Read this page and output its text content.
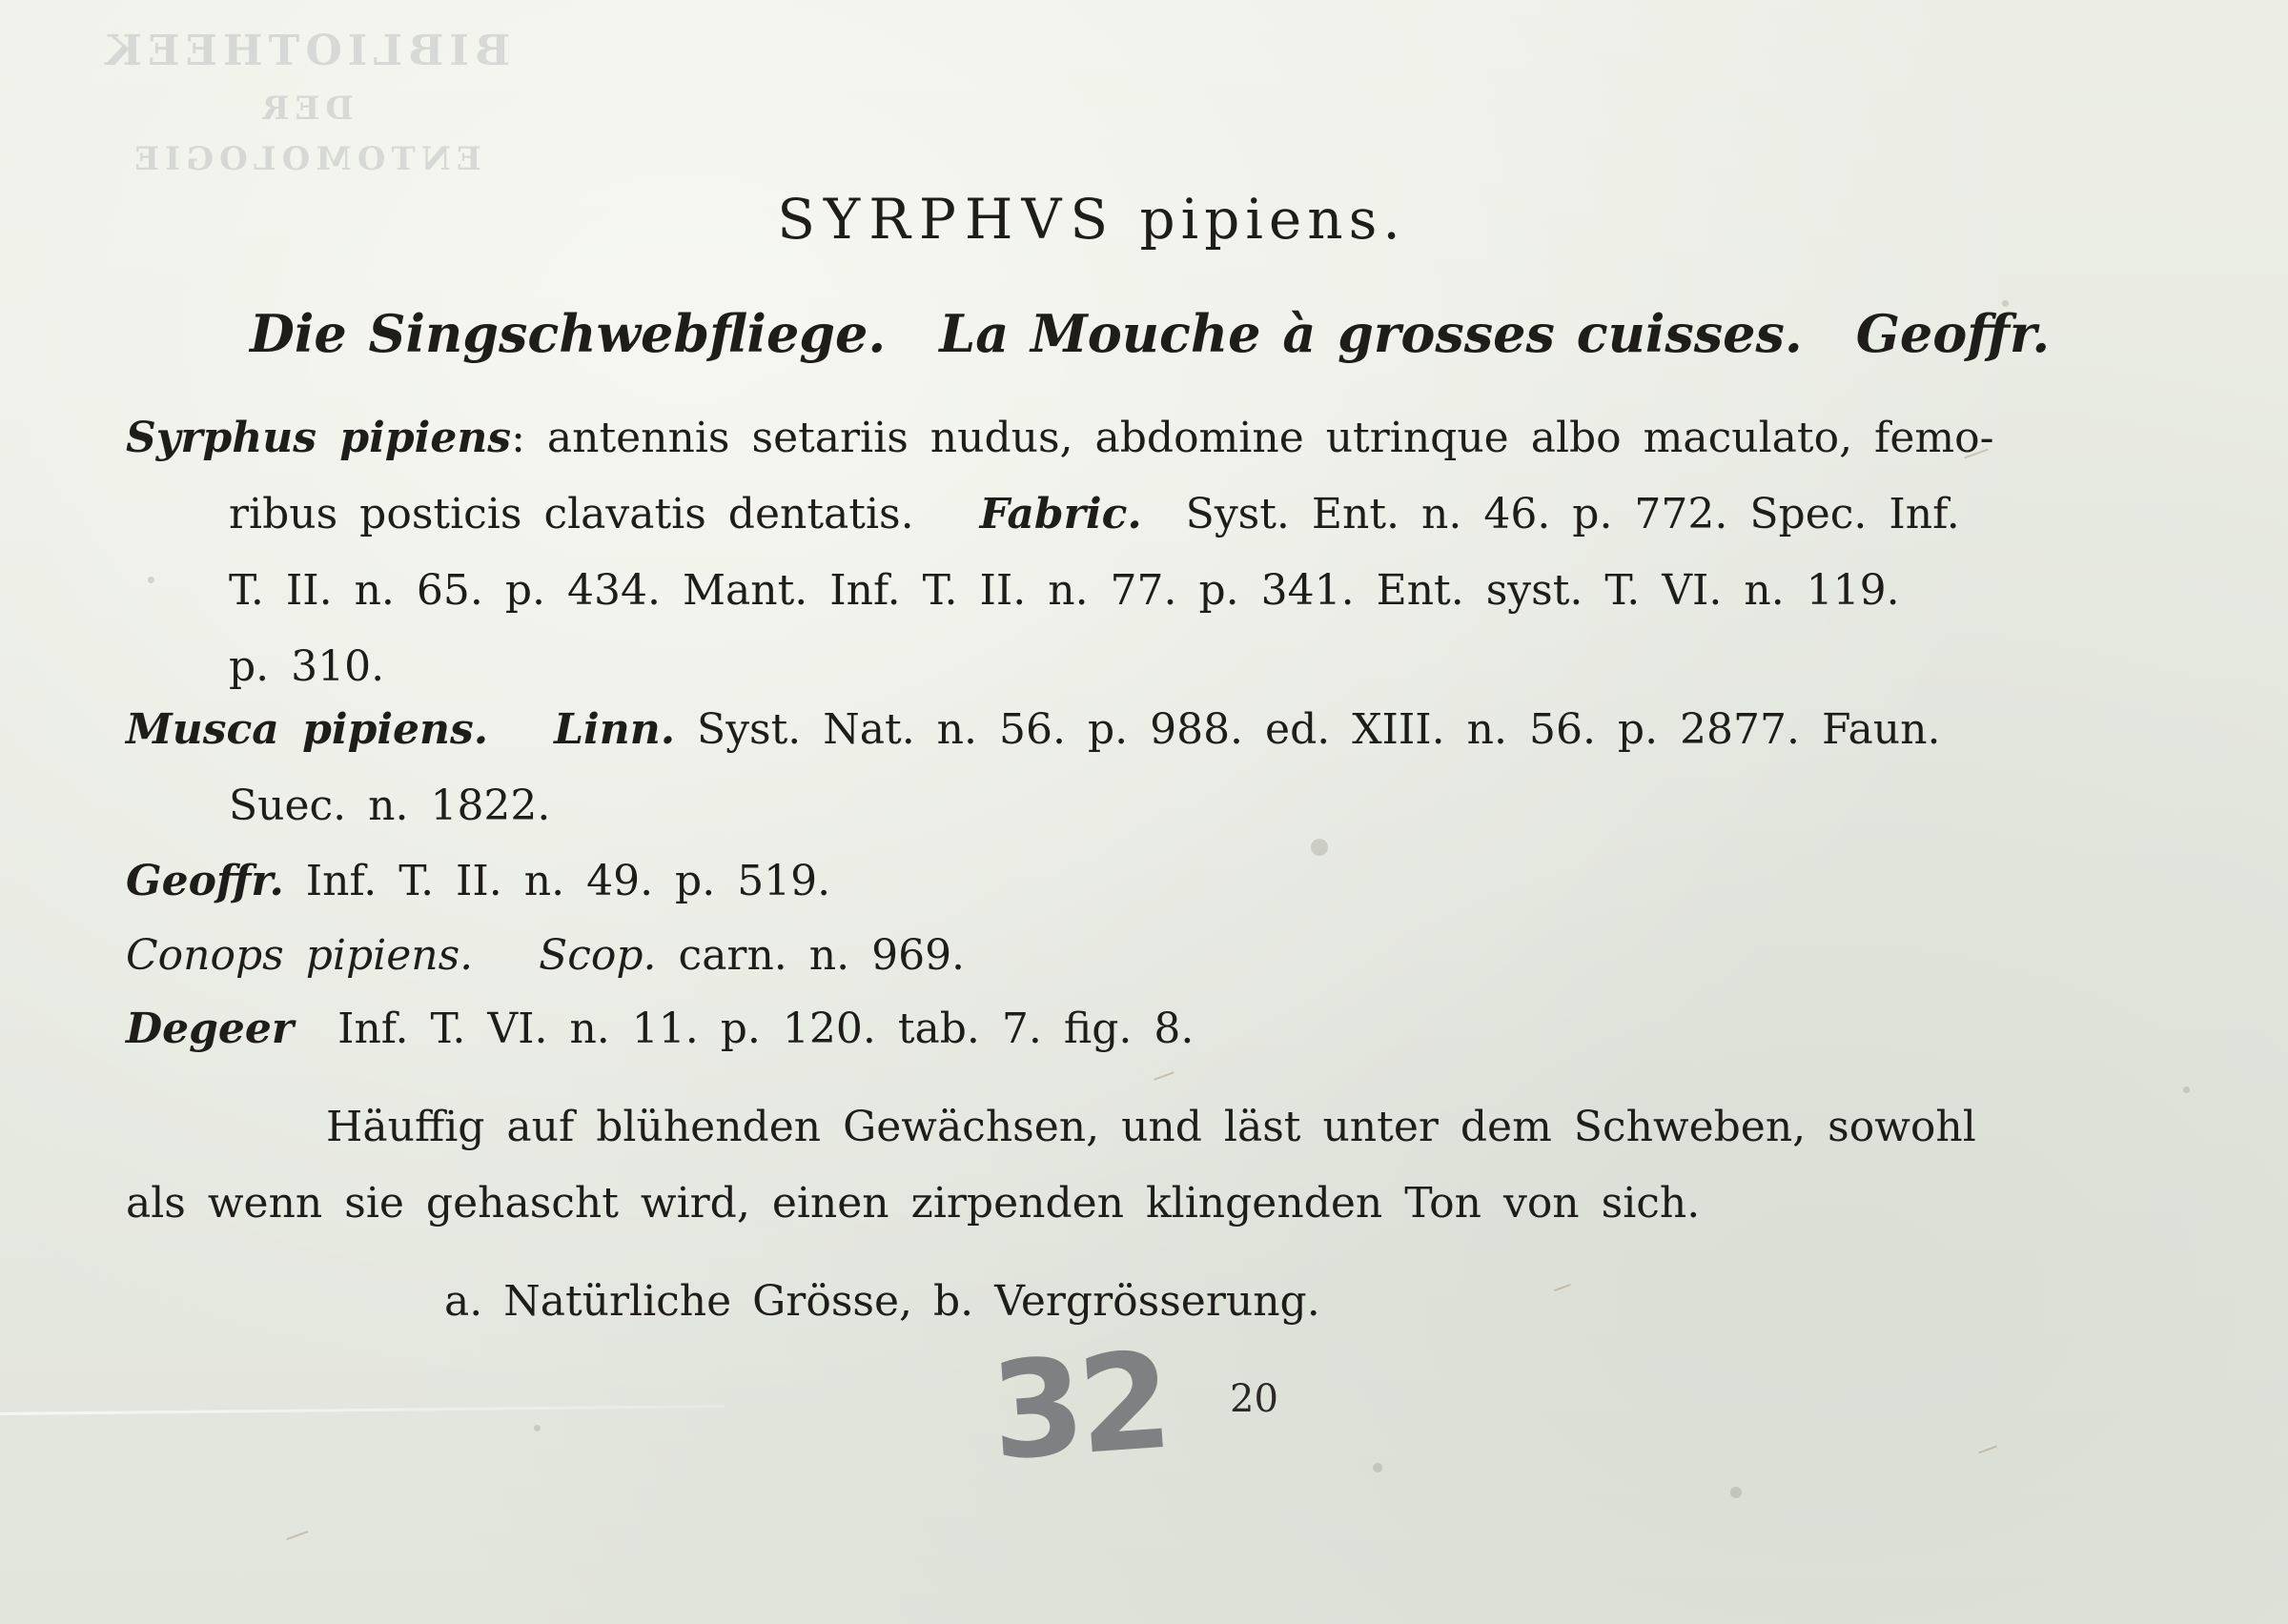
BIBLIOTHEEK
DER
ENTOMOLOGIE
SYRPHVS pipiens.
Die Singschwebfliege. La Mouche à grosses cuisses. Geoffr.
Syrphus pipiens: antennis setariis nudus, abdomine utrinque albo maculato, femo-
ribus posticis clavatis dentatis. Fabric. Syst. Ent. n. 46. p. 772. Spec. Inf.
T. II. n. 65. p. 434. Mant. Inf. T. II. n. 77. p. 341. Ent. syst. T. VI. n. 119.
p. 310.
Musca pipiens. Linn. Syst. Nat. n. 56. p. 988. ed. XIII. n. 56. p. 2877. Faun.
Suec. n. 1822.
Geoffr. Inf. T. II. n. 49. p. 519.
Conops pipiens. Scop. carn. n. 969.
Degeer Inf. T. VI. n. 11. p. 120. tab. 7. fig. 8.
Häuffig auf blühenden Gewächsen, und läst unter dem Schweben, sowohl
als wenn sie gehascht wird, einen zirpenden klingenden Ton von sich.
a. Natürliche Grösse, b. Vergrösserung.
32 20
